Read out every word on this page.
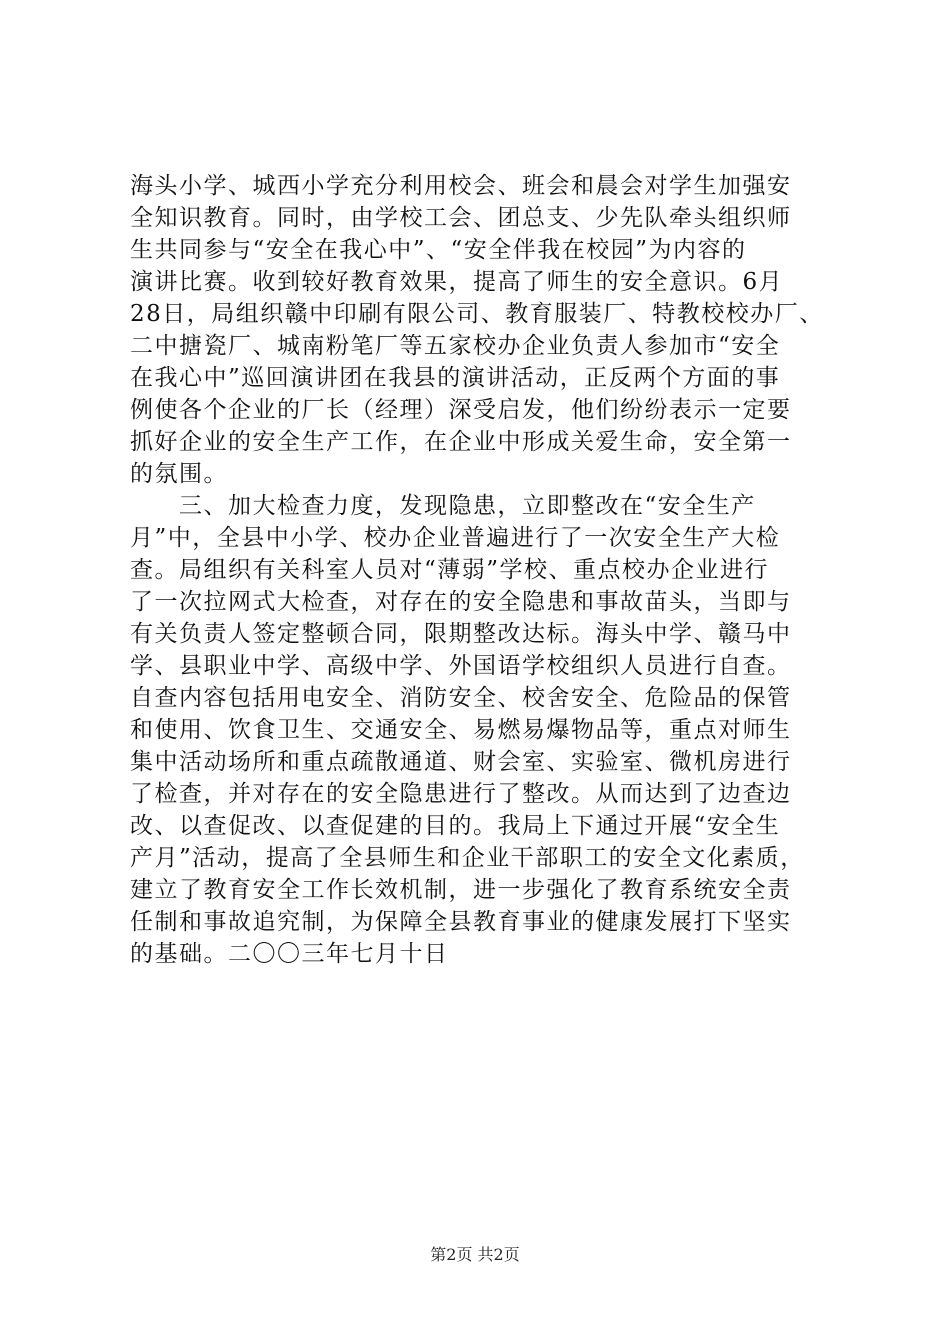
海头小学、城西小学充分利用校会、班会和晨会对学生加强安
全知识教育。同时，由学校工会、团总支、少先队牵头组织师
生共同参与“安全在我心中”、“安全伴我在校园”为内容的
演讲比赛。收到较好教育效果，提高了师生的安全意识。6月
28日，局组织赣中印刷有限公司、教育服装厂、特教校校办厂、
二中搪瓷厂、城南粉笔厂等五家校办企业负责人参加市“安全
在我心中”巡回演讲团在我县的演讲活动，正反两个方面的事
例使各个企业的厂长（经理）深受启发，他们纷纷表示一定要
抓好企业的安全生产工作，在企业中形成关爱生命，安全第一
的氛围。
　　三、加大检查力度，发现隐患，立即整改在“安全生产
月”中，全县中小学、校办企业普遍进行了一次安全生产大检
查。局组织有关科室人员对“薄弱”学校、重点校办企业进行
了一次拉网式大检查，对存在的安全隐患和事故苗头，当即与
有关负责人签定整顿合同，限期整改达标。海头中学、赣马中
学、县职业中学、高级中学、外国语学校组织人员进行自查。
自查内容包括用电安全、消防安全、校舍安全、危险品的保管
和使用、饮食卫生、交通安全、易燃易爆物品等，重点对师生
集中活动场所和重点疏散通道、财会室、实验室、微机房进行
了检查，并对存在的安全隐患进行了整改。从而达到了边查边
改、以查促改、以查促建的目的。我局上下通过开展“安全生
产月”活动，提高了全县师生和企业干部职工的安全文化素质，
建立了教育安全工作长效机制，进一步强化了教育系统安全责
任制和事故追究制，为保障全县教育事业的健康发展打下坚实
的基础。二〇〇三年七月十日
第2页 共2页
